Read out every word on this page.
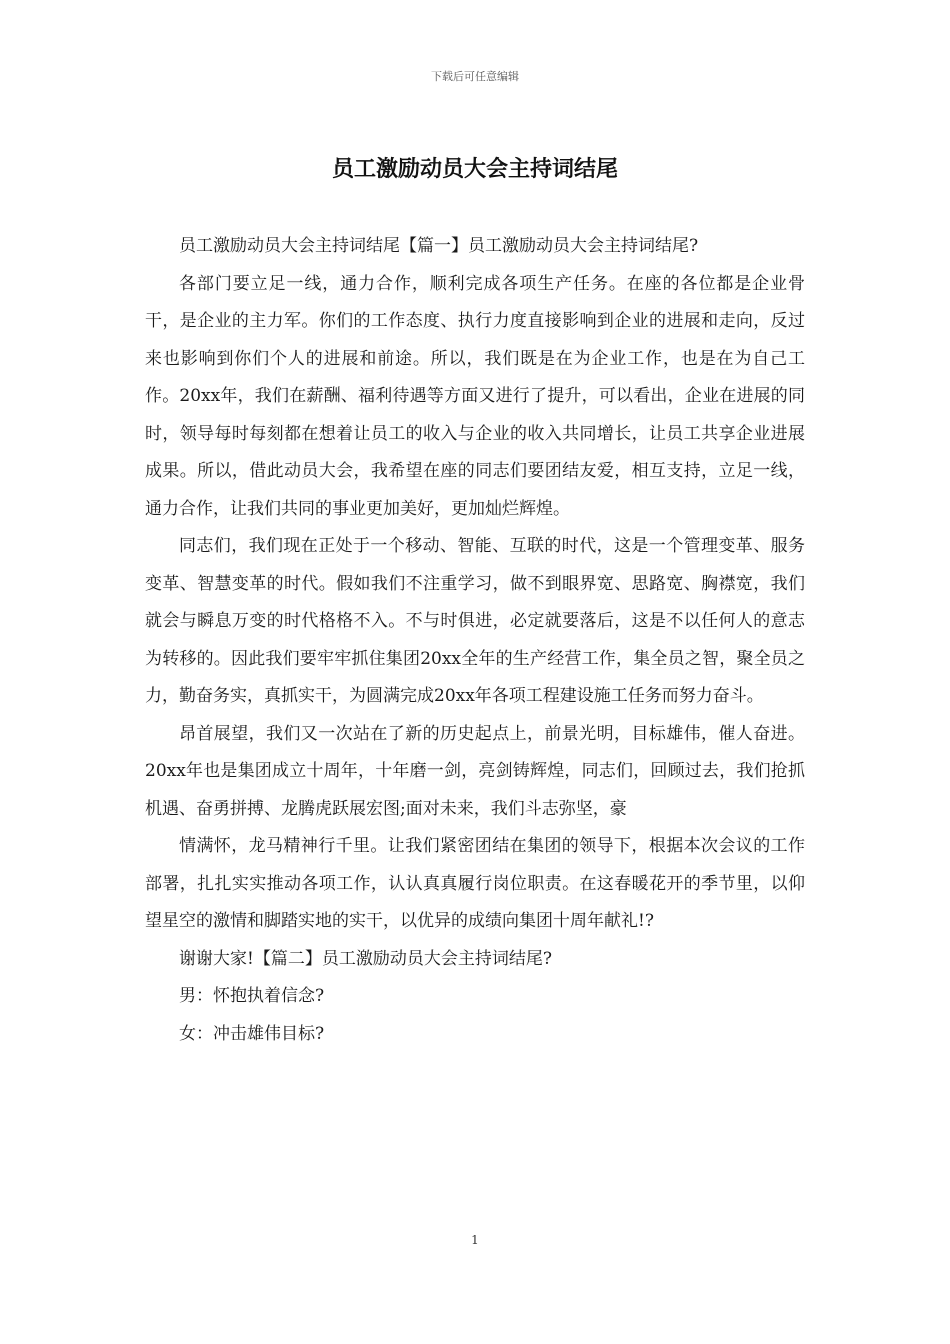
下载后可任意编辑
员工激励动员大会主持词结尾

员工激励动员大会主持词结尾【篇一】员工激励动员大会主持词结尾?

各部门要立足一线，通力合作，顺利完成各项生产任务。在座的各位都是企业骨干，是企业的主力军。你们的工作态度、执行力度直接影响到企业的进展和走向，反过来也影响到你们个人的进展和前途。所以，我们既是在为企业工作，也是在为自己工作。20xx年，我们在薪酬、福利待遇等方面又进行了提升，可以看出，企业在进展的同时，领导每时每刻都在想着让员工的收入与企业的收入共同增长，让员工共享企业进展成果。所以，借此动员大会，我希望在座的同志们要团结友爱，相互支持，立足一线，通力合作，让我们共同的事业更加美好，更加灿烂辉煌。

同志们，我们现在正处于一个移动、智能、互联的时代，这是一个管理变革、服务变革、智慧变革的时代。假如我们不注重学习，做不到眼界宽、思路宽、胸襟宽，我们就会与瞬息万变的时代格格不入。不与时俱进，必定就要落后，这是不以任何人的意志为转移的。因此我们要牢牢抓住集团20xx全年的生产经营工作，集全员之智，聚全员之力，勤奋务实，真抓实干，为圆满完成20xx年各项工程建设施工任务而努力奋斗。

昂首展望，我们又一次站在了新的历史起点上，前景光明，目标雄伟，催人奋进。20xx年也是集团成立十周年，十年磨一剑，亮剑铸辉煌，同志们，回顾过去，我们抢抓机遇、奋勇拼搏、龙腾虎跃展宏图;面对未来，我们斗志弥坚，豪

情满怀，龙马精神行千里。让我们紧密团结在集团的领导下，根据本次会议的工作部署，扎扎实实推动各项工作，认认真真履行岗位职责。在这春暖花开的季节里，以仰望星空的激情和脚踏实地的实干，以优异的成绩向集团十周年献礼!?

谢谢大家!【篇二】员工激励动员大会主持词结尾?

男：怀抱执着信念?

女：冲击雄伟目标?

1
